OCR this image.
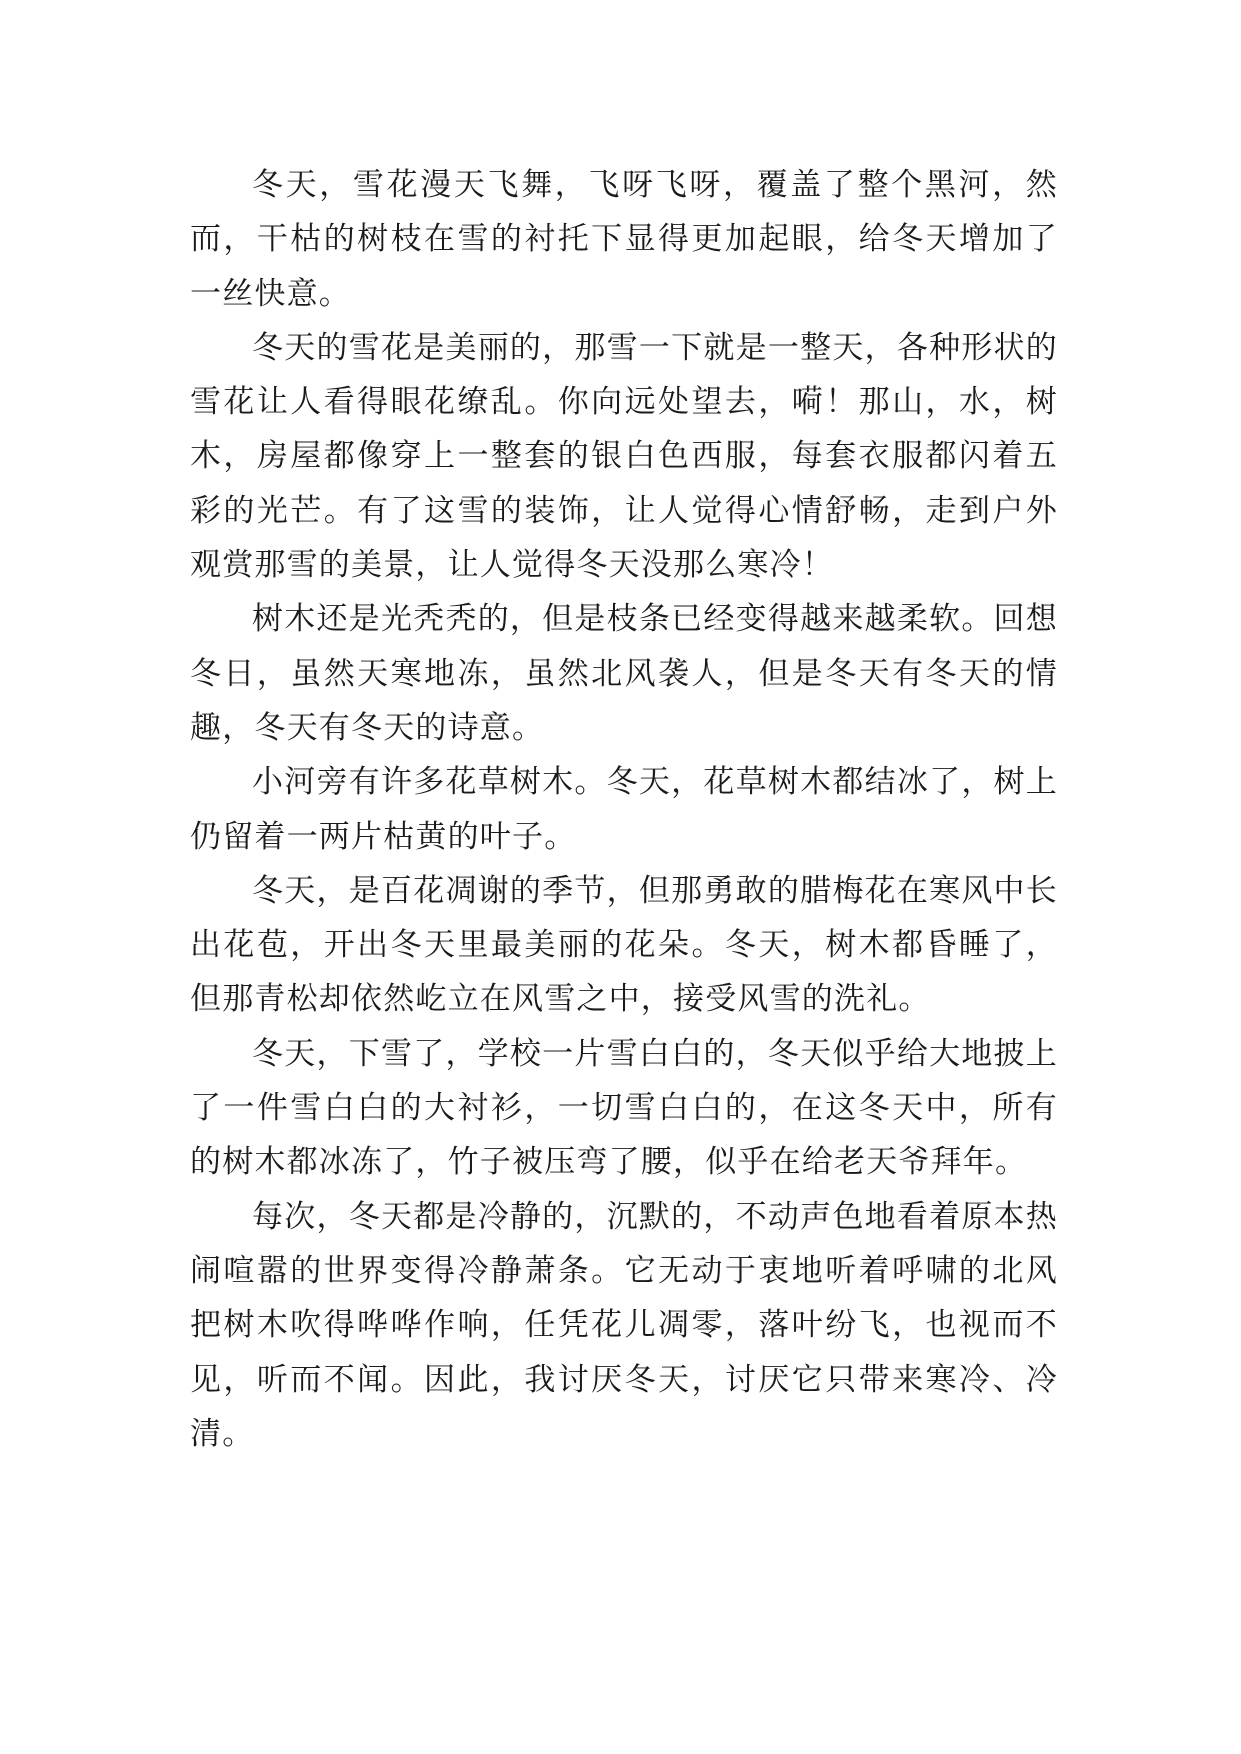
冬天，雪花漫天飞舞，飞呀飞呀，覆盖了整个黑河，然而，干枯的树枝在雪的衬托下显得更加起眼，给冬天增加了一丝快意。

冬天的雪花是美丽的，那雪一下就是一整天，各种形状的雪花让人看得眼花缭乱。你向远处望去，嗬！那山，水，树木，房屋都像穿上一整套的银白色西服，每套衣服都闪着五彩的光芒。有了这雪的装饰，让人觉得心情舒畅，走到户外观赏那雪的美景，让人觉得冬天没那么寒冷！

树木还是光秃秃的，但是枝条已经变得越来越柔软。回想冬日，虽然天寒地冻，虽然北风袭人，但是冬天有冬天的情趣，冬天有冬天的诗意。

小河旁有许多花草树木。冬天，花草树木都结冰了，树上仍留着一两片枯黄的叶子。

冬天，是百花凋谢的季节，但那勇敢的腊梅花在寒风中长出花苞，开出冬天里最美丽的花朵。冬天，树木都昏睡了，但那青松却依然屹立在风雪之中，接受风雪的洗礼。

冬天，下雪了，学校一片雪白白的，冬天似乎给大地披上了一件雪白白的大衬衫，一切雪白白的，在这冬天中，所有的树木都冰冻了，竹子被压弯了腰，似乎在给老天爷拜年。

每次，冬天都是冷静的，沉默的，不动声色地看着原本热闹喧嚣的世界变得冷静萧条。它无动于衷地听着呼啸的北风把树木吹得哗哗作响，任凭花儿凋零，落叶纷飞，也视而不见，听而不闻。因此，我讨厌冬天，讨厌它只带来寒冷、冷清。
